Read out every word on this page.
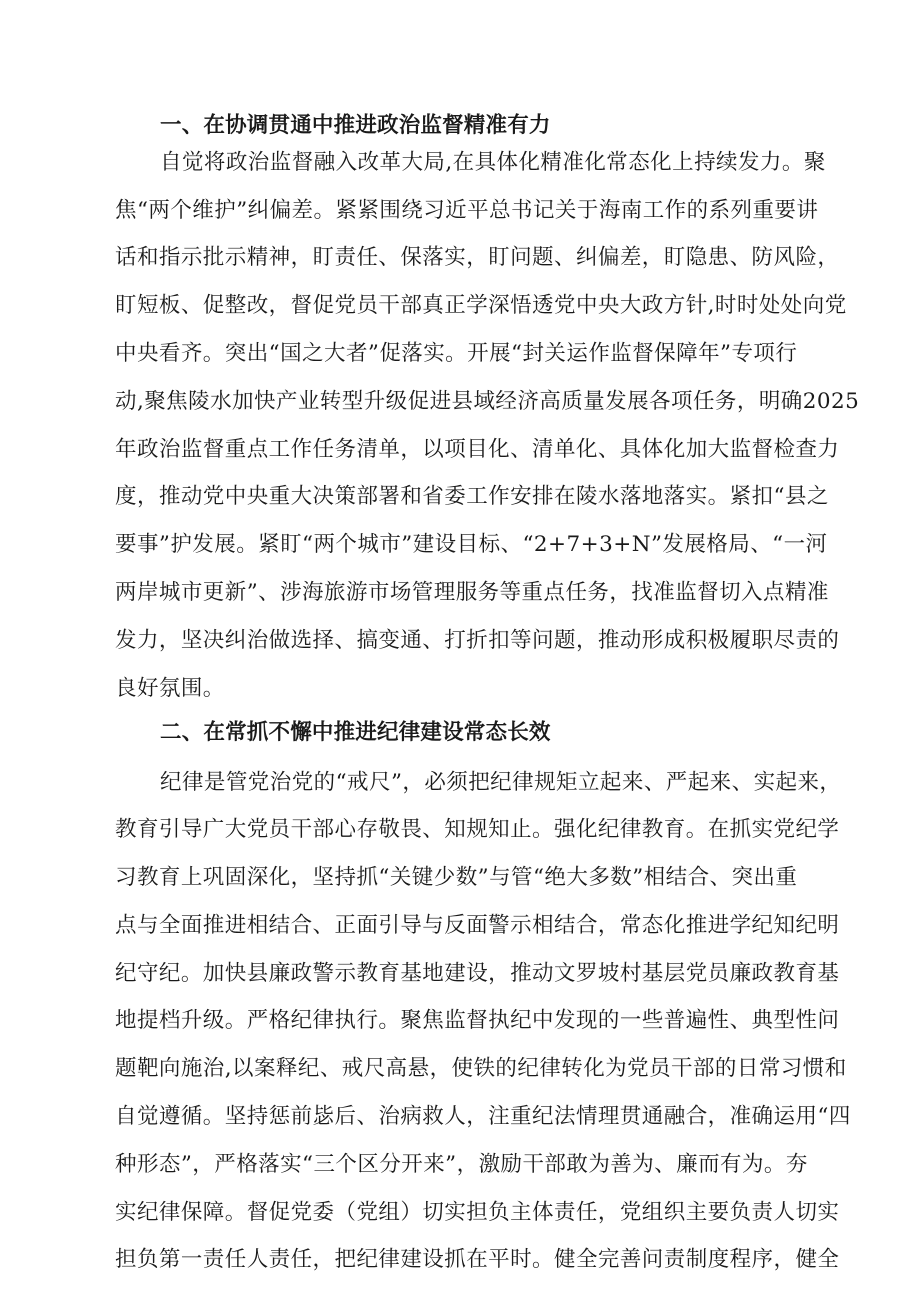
一、在协调贯通中推进政治监督精准有力
自觉将政治监督融入改革大局,在具体化精准化常态化上持续发力。聚
焦“两个维护”纠偏差。紧紧围绕习近平总书记关于海南工作的系列重要讲
话和指示批示精神，盯责任、保落实，盯问题、纠偏差，盯隐患、防风险，
盯短板、促整改，督促党员干部真正学深悟透党中央大政方针,时时处处向党
中央看齐。突出“国之大者”促落实。开展“封关运作监督保障年”专项行
动,聚焦陵水加快产业转型升级促进县域经济高质量发展各项任务，明确2025
年政治监督重点工作任务清单，以项目化、清单化、具体化加大监督检查力
度，推动党中央重大决策部署和省委工作安排在陵水落地落实。紧扣“县之
要事”护发展。紧盯“两个城市”建设目标、“2+7+3+N”发展格局、“一河
两岸城市更新”、涉海旅游市场管理服务等重点任务，找准监督切入点精准
发力，坚决纠治做选择、搞变通、打折扣等问题，推动形成积极履职尽责的
良好氛围。
二、在常抓不懈中推进纪律建设常态长效
纪律是管党治党的“戒尺”，必须把纪律规矩立起来、严起来、实起来，
教育引导广大党员干部心存敬畏、知规知止。强化纪律教育。在抓实党纪学
习教育上巩固深化，坚持抓“关键少数”与管“绝大多数”相结合、突出重
点与全面推进相结合、正面引导与反面警示相结合，常态化推进学纪知纪明
纪守纪。加快县廉政警示教育基地建设，推动文罗坡村基层党员廉政教育基
地提档升级。严格纪律执行。聚焦监督执纪中发现的一些普遍性、典型性问
题靶向施治,以案释纪、戒尺高悬，使铁的纪律转化为党员干部的日常习惯和
自觉遵循。坚持惩前毖后、治病救人，注重纪法情理贯通融合，准确运用“四
种形态”，严格落实“三个区分开来”，激励干部敢为善为、廉而有为。夯
实纪律保障。督促党委（党组）切实担负主体责任，党组织主要负责人切实
担负第一责任人责任，把纪律建设抓在平时。健全完善问责制度程序，健全
